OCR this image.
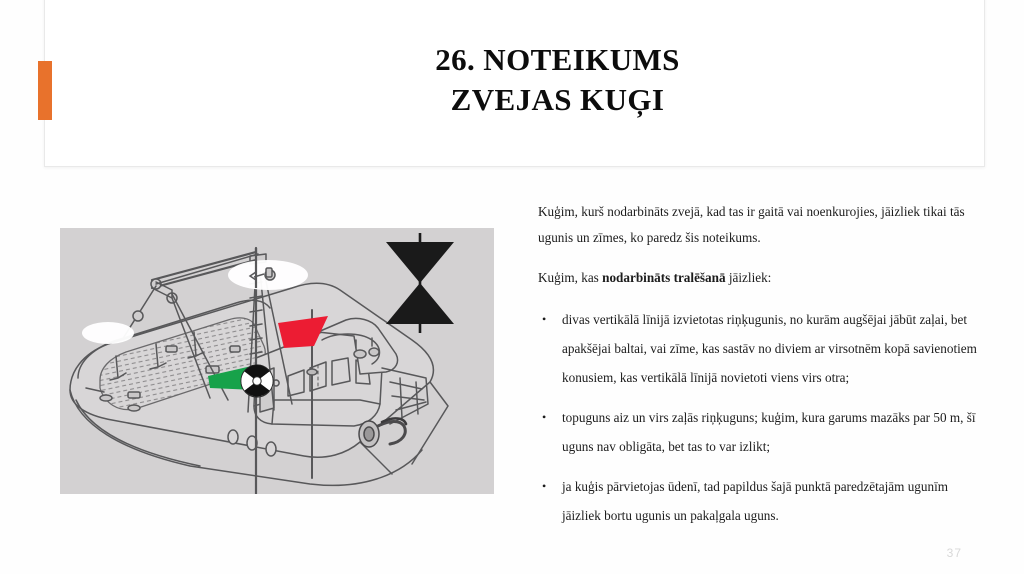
26. NOTEIKUMS
ZVEJAS KUĢI

Kuģim, kurš nodarbināts zvejā, kad tas ir gaitā vai noenkurojies, jāizliek tikai tās ugunis un zīmes, ko paredz šis noteikums.

Kuģim, kas nodarbināts tralēšanā jāizliek:

• divas vertikālā līnijā izvietotas riņķugunis, no kurām augšējai jābūt zaļai, bet apakšējai baltai, vai zīme, kas sastāv no diviem ar virsotnēm kopā savienotiem konusiem, kas vertikālā līnijā novietoti viens virs otra;
• topuguns aiz un virs zaļās riņķuguns; kuģim, kura garums mazāks par 50 m, šī uguns nav obligāta, bet tas to var izlikt;
• ja kuģis pārvietojas ūdenī, tad papildus šajā punktā paredzētajām ugunīm jāizliek bortu ugunis un pakaļgala uguns.
37
